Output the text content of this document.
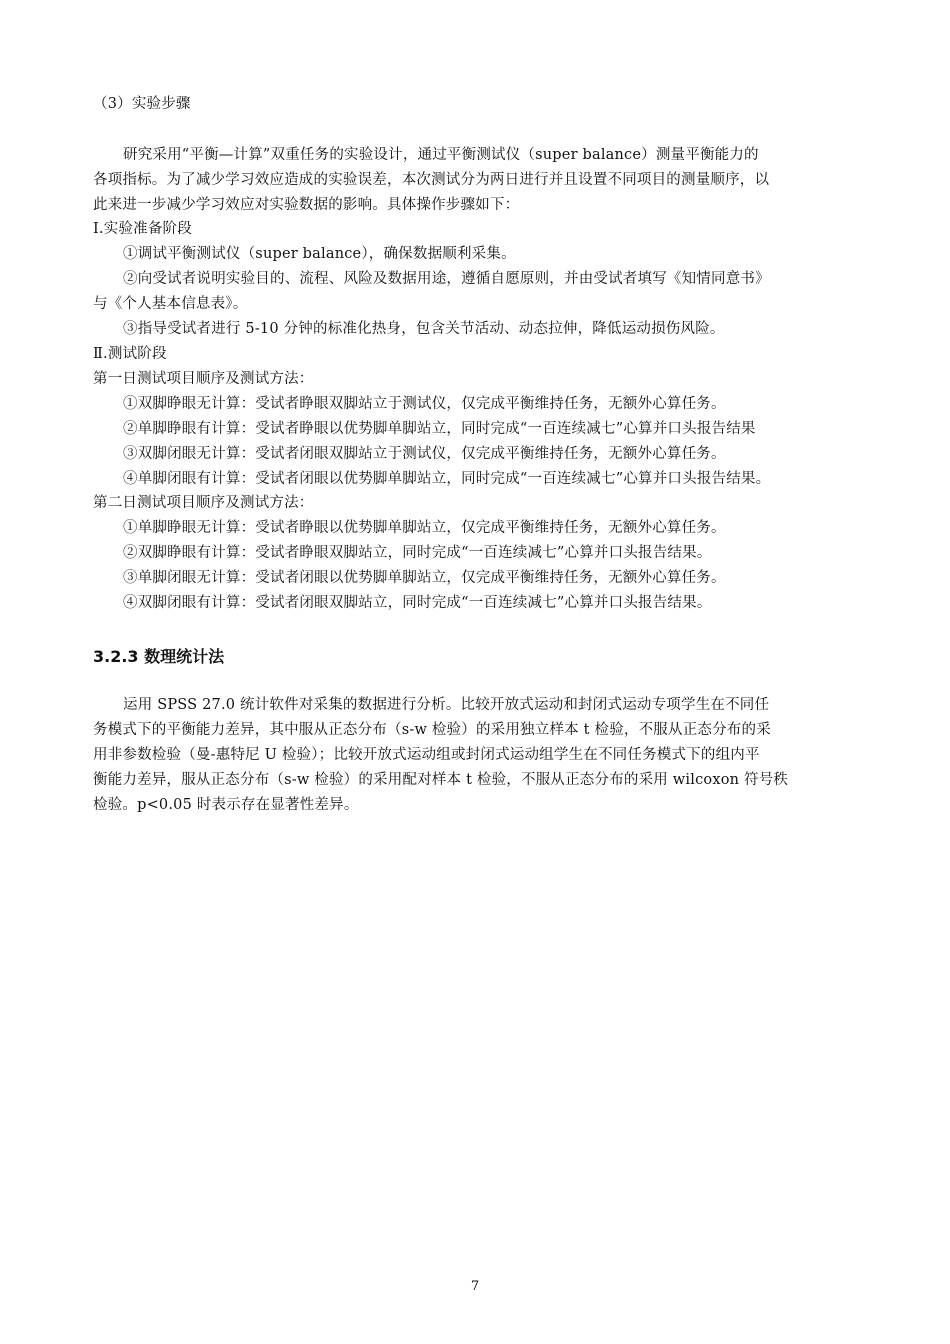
（3）实验步骤
研究采用“平衡—计算”双重任务的实验设计，通过平衡测试仪（super balance）测量平衡能力的
各项指标。为了减少学习效应造成的实验误差，本次测试分为两日进行并且设置不同项目的测量顺序，以
此来进一步减少学习效应对实验数据的影响。具体操作步骤如下：
Ⅰ.实验准备阶段
①调试平衡测试仪（super balance），确保数据顺利采集。
②向受试者说明实验目的、流程、风险及数据用途，遵循自愿原则，并由受试者填写《知情同意书》
与《个人基本信息表》。
③指导受试者进行 5-10 分钟的标准化热身，包含关节活动、动态拉伸，降低运动损伤风险。
Ⅱ.测试阶段
第一日测试项目顺序及测试方法：
①双脚睁眼无计算：受试者睁眼双脚站立于测试仪，仅完成平衡维持任务，无额外心算任务。
②单脚睁眼有计算：受试者睁眼以优势脚单脚站立，同时完成“一百连续减七”心算并口头报告结果
③双脚闭眼无计算：受试者闭眼双脚站立于测试仪，仅完成平衡维持任务，无额外心算任务。
④单脚闭眼有计算：受试者闭眼以优势脚单脚站立，同时完成“一百连续减七”心算并口头报告结果。
第二日测试项目顺序及测试方法：
①单脚睁眼无计算：受试者睁眼以优势脚单脚站立，仅完成平衡维持任务，无额外心算任务。
②双脚睁眼有计算：受试者睁眼双脚站立，同时完成“一百连续减七”心算并口头报告结果。
③单脚闭眼无计算：受试者闭眼以优势脚单脚站立，仅完成平衡维持任务，无额外心算任务。
④双脚闭眼有计算：受试者闭眼双脚站立，同时完成“一百连续减七”心算并口头报告结果。
3.2.3 数理统计法
运用 SPSS 27.0 统计软件对采集的数据进行分析。比较开放式运动和封闭式运动专项学生在不同任
务模式下的平衡能力差异，其中服从正态分布（s-w 检验）的采用独立样本 t 检验，不服从正态分布的采
用非参数检验（曼-惠特尼 U 检验）；比较开放式运动组或封闭式运动组学生在不同任务模式下的组内平
衡能力差异，服从正态分布（s-w 检验）的采用配对样本 t 检验，不服从正态分布的采用 wilcoxon 符号秩
检验。p<0.05 时表示存在显著性差异。
7
